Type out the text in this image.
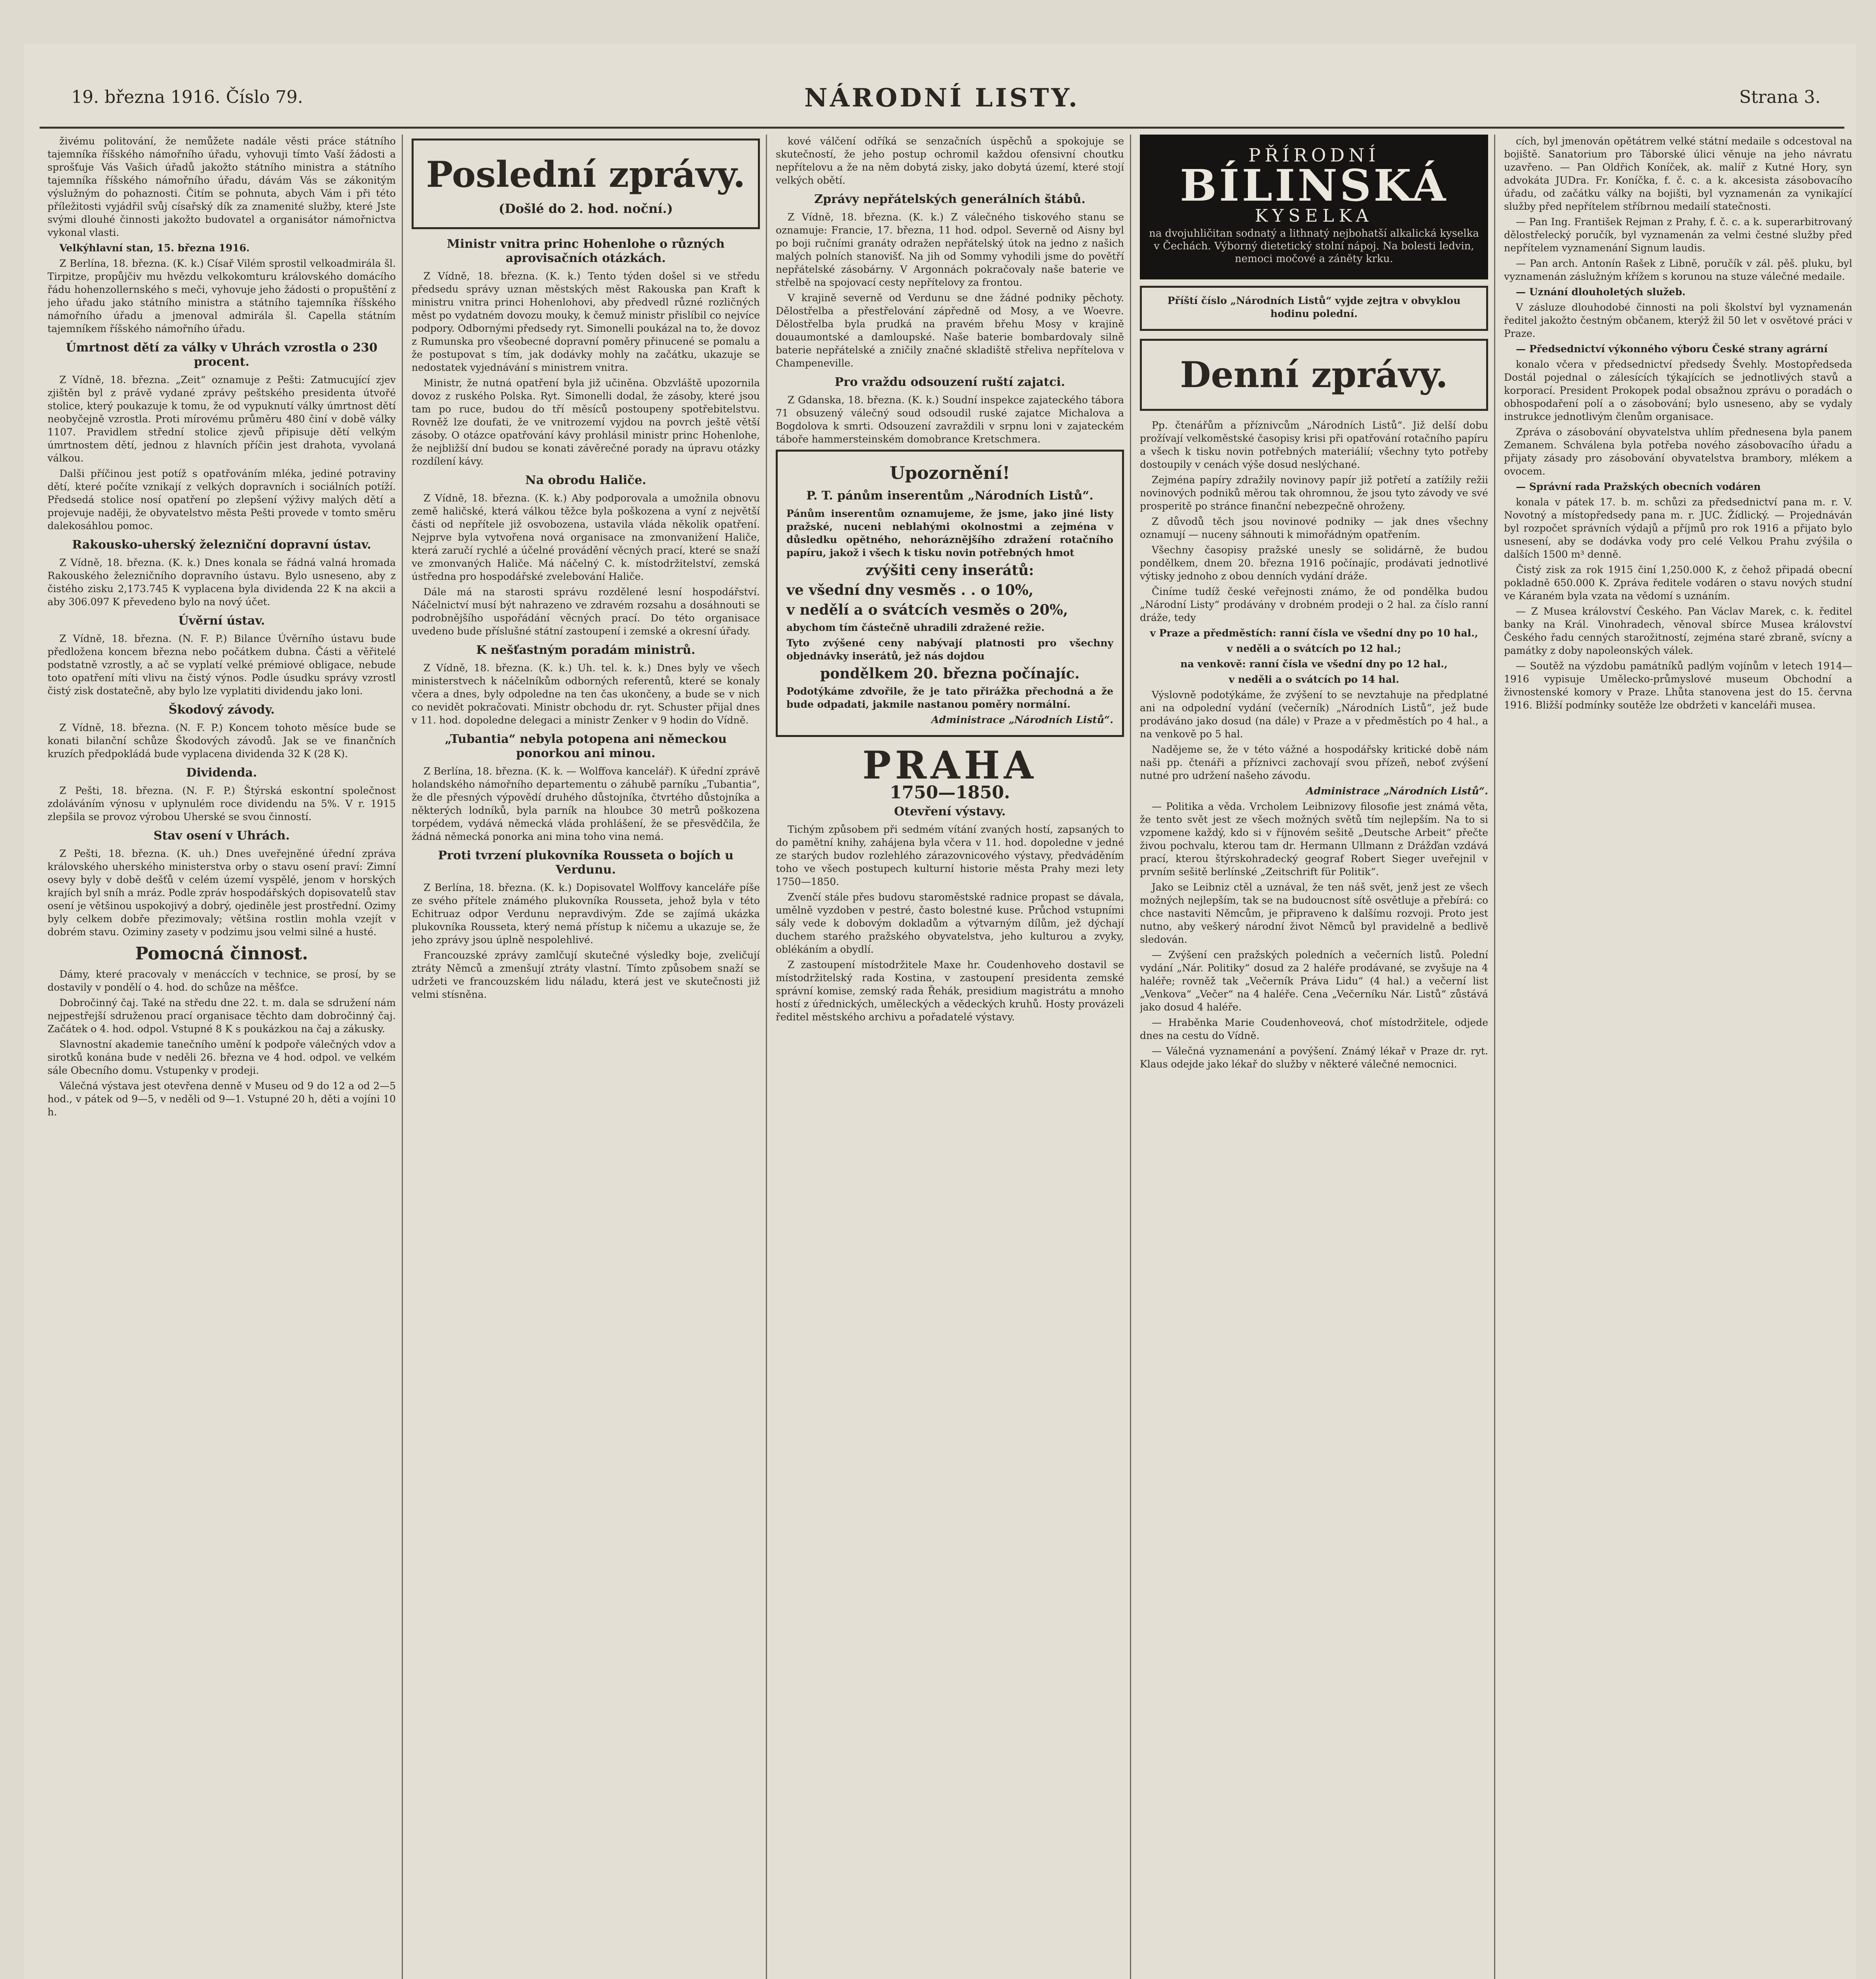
19. března 1916. Číslo 79.	NÁRODNÍ LISTY.	Strana 3.

živému politování, že nemůžete nadále věsti práce státního tajemníka říšského námořního úřadu, vyhovuji tímto Vaší žádosti a sprošťuje Vás Vašich úřadů jakožto státního ministra a státního tajemníka říšského námořního úřadu, dávám Vás se zákonitým výslužným do pohaznosti. Čitím se pohnuta, abych Vám i při této příležitosti vyjádřil svůj císařský dík za znamenité služby, které Jste svými dlouhé činnosti jakožto budovatel a organisátor námořnictva vykonal vlasti.

Velkýhlavní stan, 15. března 1916.

Z Berlína, 18. března. (K. k.) Císař Vilém sprostil velkoadmirála šl. Tirpitze, propůjčiv mu hvězdu velkokomturu královského domácího řádu hohenzollernského s meči, vyhovuje jeho žádosti o propuštění z jeho úřadu jako státního ministra a státního tajemníka říšského námořního úřadu a jmenoval admirála šl. Capella státním tajemníkem říšského námořního úřadu.

Úmrtnost dětí za války v Uhrách vzrostla o 230 procent.

Z Vídně, 18. března. „Zeit“ oznamuje z Pešti: Zatmucující zjev zjištěn byl z právě vydané zprávy peštského presidenta útvořé stolice, který poukazuje k tomu, že od vypuknutí války úmrtnost dětí neobyčejně vzrostla. Proti mírovému průměru 480 činí v době války 1107. Pravidlem střední stolice zjevů připisuje dětí velkým úmrtnostem dětí, jednou z hlavních příčin jest drahota, vyvolaná válkou.

Dalši příčinou jest potíž s opatřováním mléka, jediné potraviny dětí, které počíte vznikají z velkých dopravních i sociálních potíží. Předsedá stolice nosí opatření po zlepšení výživy malých dětí a projevuje naději, že obyvatelstvo města Pešti provede v tomto směru dalekosáhlou pomoc.

Rakousko-uherský železniční dopravní ústav.

Z Vídně, 18. března. (K. k.) Dnes konala se řádná valná hromada Rakouského železničního dopravního ústavu. Bylo usneseno, aby z čistého zisku 2,173.745 K vyplacena byla dividenda 22 K na akcii a aby 306.097 K převedeno bylo na nový účet.

Úvěrní ústav.

Z Vídně, 18. března. (N. F. P.) Bilance Úvěrního ústavu bude předložena koncem března nebo počátkem dubna. Části a věřitelé podstatně vzrostly, a ač se vyplatí velké prémiové obligace, nebude toto opatření míti vlivu na čistý výnos. Podle úsudku správy vzrostl čistý zisk dostatečně, aby bylo lze vyplatiti dividendu jako loni.

Škodový závody.

Z Vídně, 18. března. (N. F. P.) Koncem tohoto měsíce bude se konati bilanční schůze Škodových závodů. Jak se ve finančních kruzích předpokládá bude vyplacena dividenda 32 K (28 K).

Dividenda.

Z Pešti, 18. března. (N. F. P.) Štýrská eskontní společnost zdoláváním výnosu v uplynulém roce dividendu na 5%. V r. 1915 zlepšila se provoz výrobou Uherské se svou činností.

Stav osení v Uhrách.

Z Pešti, 18. března. (K. uh.) Dnes uveřejněné úřední zpráva královského uherského ministerstva orby o stavu osení praví: Zimní osevy byly v době dešťů v celém území vyspělé, jenom v horských krajích byl sníh a mráz. Podle zpráv hospodářských dopisovatelů stav osení je většinou uspokojivý a dobrý, ojediněle jest prostřední. Ozimy byly celkem dobře přezimovaly; většina rostlin mohla vzejít v dobrém stavu. Oziminy zasety v podzimu jsou velmi silné a husté.

Pomocná činnost.

Dámy, které pracovaly v menáccích v technice, se prosí, by se dostavily v pondělí o 4. hod. do schůze na měšťce.

Dobročinný čaj. Také na středu dne 22. t. m. dala se sdružení nám nejpestřejší sdruženou prací organisace těchto dam dobročinný čaj. Začátek o 4. hod. odpol. Vstupné 8 K s poukázkou na čaj a zákusky.

Slavnostní akademie tanečního umění k podpoře válečných vdov a sirotků konána bude v neděli 26. března ve 4 hod. odpol. ve velkém sále Obecního domu. Vstupenky v prodeji.

Válečná výstava jest otevřena denně v Museu od 9 do 12 a od 2—5 hod., v pátek od 9—5, v neděli od 9—1. Vstupné 20 h, děti a vojíni 10 h.

Poslední zprávy.
(Došlé do 2. hod. noční.)
Ministr vnitra princ Hohenlohe o různých aprovisačních otázkách.

Z Vídně, 18. března. (K. k.) Tento týden došel si ve středu předsedu správy uznan městských měst Rakouska pan Kraft k ministru vnitra princi Hohenlohovi, aby předvedl různé rozličných měst po vydatném dovozu mouky, k čemuž ministr přislíbil co nejvíce podpory. Odbornými předsedy ryt. Simonelli poukázal na to, že dovoz z Rumunska pro všeobecné dopravní poměry přinucené se pomalu a že postupovat s tím, jak dodávky mohly na začátku, ukazuje se nedostatek vyjednávání s ministrem vnitra.

Ministr, že nutná opatření byla již učiněna. Obzvláště upozornila dovoz z ruského Polska. Ryt. Simonelli dodal, že zásoby, které jsou tam po ruce, budou do tří měsíců postoupeny spotřebitelstvu. Rovněž lze doufati, že ve vnitrozemí vyjdou na povrch ještě větší zásoby. O otázce opatřování kávy prohlásil ministr princ Hohenlohe, že nejbližší dní budou se konati závěrečné porady na úpravu otázky rozdílení kávy.

Na obrodu Haliče.

Z Vídně, 18. března. (K. k.) Aby podporovala a umožnila obnovu země haličské, která válkou těžce byla poškozena a vyní z největší části od nepřítele již osvobozena, ustavila vláda několik opatření. Nejprve byla vytvořena nová organisace na zmonvanižení Haliče, která zaručí rychlé a účelné provádění věcných prací, které se snaží ve zmonvaných Haliče. Má náčelný C. k. místodržitelství, zemská ústředna pro hospodářské zvelebování Haliče.

Dále má na starosti správu rozdělené lesní hospodářství. Náčelnictví musí být nahrazeno ve zdravém rozsahu a dosáhnouti se podrobnějšího uspořádání věcných prací. Do této organisace uvedeno bude příslušné státní zastoupení i zemské a okresní úřady.

K nešťastným poradám ministrů.

Z Vídně, 18. března. (K. k.) Uh. tel. k. k.) Dnes byly ve všech ministerstvech k náčelníkům odborných referentů, které se konaly včera a dnes, byly odpoledne na ten čas ukončeny, a bude se v nich co nevidět pokračovati. Ministr obchodu dr. ryt. Schuster přijal dnes v 11. hod. dopoledne delegaci a ministr Zenker v 9 hodin do Vídně.

„Tubantia“ nebyla potopena ani německou ponorkou ani minou.

Z Berlína, 18. března. (K. k. — Wolffova kancelář). K úřední zprávě holandského námořního departementu o záhubě parníku „Tubantia“, že dle přesných výpovědí druhého důstojníka, čtvrtého důstojníka a některých lodníků, byla parník na hloubce 30 metrů poškozena torpédem, vydává německá vláda prohlášení, že se přesvědčila, že žádná německá ponorka ani mina toho vina nemá.

Proti tvrzení plukovníka Rousseta o bojích u Verdunu.

Z Berlína, 18. března. (K. k.) Dopisovatel Wolffovy kanceláře píše ze svého přítele známého plukovníka Rousseta, jehož byla v této Echitruaz odpor Verdunu nepravdivým. Zde se zajímá ukázka plukovníka Rousseta, který nemá přístup k ničemu a ukazuje se, že jeho zprávy jsou úplně nespolehlivé.

Francouzské zprávy zamlčují skutečné výsledky boje, zveličují ztráty Němců a zmenšují ztráty vlastní. Tímto způsobem snaží se udržeti ve francouzském lidu náladu, která jest ve skutečnosti již velmi stísněna.

kové válčení odříká se senzačních úspěchů a spokojuje se skutečností, že jeho postup ochromil každou ofensivní choutku nepřítelovu a že na něm dobytá zisky, jako dobytá území, které stojí velkých obětí.

Zprávy nepřátelských generálních štábů.

Z Vídně, 18. března. (K. k.) Z válečného tiskového stanu se oznamuje: Francie, 17. března, 11 hod. odpol. Severně od Aisny byl po boji ručními granáty odražen nepřátelský útok na jedno z našich malých polních stanovišť. Na jih od Sommy vyhodili jsme do povětří nepřátelské zásobárny. V Argonnách pokračovaly naše baterie ve střelbě na spojovací cesty nepřítelovy za frontou.

V krajině severně od Verdunu se dne žádné podniky pěchoty. Dělostřelba a přestřelování zápředně od Mosy, a ve Woevre. Dělostřelba byla prudká na pravém břehu Mosy v krajině douaumontské a damloupské. Naše baterie bombardovaly silně baterie nepřátelské a zničily značné skladiště střeliva nepřítelova v Champeneville.

Pro vraždu odsouzení ruští zajatci.

Z Gdanska, 18. března. (K. k.) Soudní inspekce zajateckého tábora 71 obsuzený válečný soud odsoudil ruské zajatce Michalova a Bogdolova k smrti. Odsouzení zavraždili v srpnu loni v zajateckém táboře hammersteinském domobrance Kretschmera.

Upozornění!
P. T. pánům inserentům „Národních Listů“.

Pánům inserentům oznamujeme, že jsme, jako jiné listy pražské, nuceni neblahými okolnostmi a zejména v důsledku opětného, nehoráznějšího zdražení rotačního papíru, jakož i všech k tisku novin potřebných hmot

zvýšiti ceny inserátů:

ve všední dny vesměs . . o 10%,

v nedělí a o svátcích vesměs o 20%,

abychom tím částečně uhradili zdražené režie.

Tyto zvýšené ceny nabývají platnosti pro všechny objednávky inserátů, jež nás dojdou

pondělkem 20. března počínajíc.

Podotýkáme zdvořile, že je tato přirážka přechodná a že bude odpadati, jakmile nastanou poměry normální.

Administrace „Národních Listů“.

PRAHA
1750—1850.
Otevření výstavy.

Tichým způsobem při sedmém vítání zvaných hostí, zapsaných to do pamětní knihy, zahájena byla včera v 11. hod. dopoledne v jedné ze starých budov rozlehlého zárazovnicového výstavy, předváděním toho ve všech postupech kulturní historie města Prahy mezi lety 1750—1850.

Zvenčí stále přes budovu staroměstské radnice propast se dávala, umělně vyzdoben v pestré, často bolestné kuse. Průchod vstupními sály vede k dobovým dokladům a výtvarným dílům, jež dýchají duchem starého pražského obyvatelstva, jeho kulturou a zvyky, oblékáním a obydlí.

Z zastoupení místodržitele Maxe hr. Coudenhoveho dostavil se místodržitelský rada Kostina, v zastoupení presidenta zemské správní komise, zemský rada Řehák, presidium magistrátu a mnoho hostí z úřednických, uměleckých a vědeckých kruhů. Hosty provázeli ředitel městského archivu a pořadatelé výstavy.

PŘÍRODNÍ
BÍLINSKÁ
KYSELKA
na dvojuhličitan sodnatý a lithnatý nejbohatší alkalická kyselka v Čechách. Výborný dietetický stolní nápoj. Na bolesti ledvin, nemoci močové a záněty krku.

Příští číslo „Národních Listů“ vyjde zejtra v obvyklou hodinu polední.

Denní zprávy.

Pp. čtenářům a příznivcům „Národních Listů“. Již delší dobu prožívají velkoměstské časopisy krisi při opatřování rotačního papíru a všech k tisku novin potřebných materiálií; všechny tyto potřeby dostoupily v cenách výše dosud neslýchané.

Zejména papíry zdražily novinovy papír již potřetí a zatížily režii novinových podniků měrou tak ohromnou, že jsou tyto závody ve své prosperitě po stránce finanční nebezpečně ohroženy.

Z důvodů těch jsou novinové podniky — jak dnes všechny oznamují — nuceny sáhnouti k mimořádným opatřením.

Všechny časopisy pražské unesly se solidárně, že budou pondělkem, dnem 20. března 1916 počínajíc, prodávati jednotlivé výtisky jednoho z obou denních vydání dráže.

Činíme tudíž české veřejnosti známo, že od pondělka budou „Národní Listy“ prodávány v drobném prodeji o 2 hal. za číslo ranní dráže, tedy

v Praze a předměstích: ranní čísla ve všední dny po 10 hal.,

v neděli a o svátcích po 12 hal.;

na venkově: ranní čísla ve všední dny po 12 hal.,

v neděli a o svátcích po 14 hal.

Výslovně podotýkáme, že zvýšení to se nevztahuje na předplatné ani na odpolední vydání (večerník) „Národních Listů“, jež bude prodáváno jako dosud (na dále) v Praze a v předměstích po 4 hal., a na venkově po 5 hal.

Nadějeme se, že v této vážné a hospodářsky kritické době nám naši pp. čtenáři a příznivci zachovají svou přízeň, neboť zvýšení nutné pro udržení našeho závodu.

Administrace „Národních Listů“.

— Politika a věda. Vrcholem Leibnizovy filosofie jest známá věta, že tento svět jest ze všech možných světů tím nejlepším. Na to si vzpomene každý, kdo si v říjnovém sešitě „Deutsche Arbeit“ přečte živou pochvalu, kterou tam dr. Hermann Ullmann z Drážďan vzdává prací, kterou štýrskohradecký geograf Robert Sieger uveřejnil v prvním sešitě berlínské „Zeitschrift für Politik“.

Jako se Leibniz ctěl a uznával, že ten náš svět, jenž jest ze všech možných nejlepším, tak se na budoucnost sítě osvětluje a přebírá: co chce nastaviti Němcům, je připraveno k dalšímu rozvoji. Proto jest nutno, aby veškerý národní život Němců byl pravidelně a bedlivě sledován.

— Zvýšení cen pražských poledních a večerních listů. Polední vydání „Nár. Politiky“ dosud za 2 haléře prodávané, se zvyšuje na 4 haléře; rovněž tak „Večerník Práva Lidu“ (4 hal.) a večerní list „Venkova“ „Večer“ na 4 haléře. Cena „Večerníku Nár. Listů“ zůstává jako dosud 4 haléře.

— Hraběnka Marie Coudenhoveová, choť místodržitele, odjede dnes na cestu do Vídně.

— Válečná vyznamenání a povýšení. Známý lékař v Praze dr. ryt. Klaus odejde jako lékař do služby v některé válečné nemocnici.

cích, byl jmenován opětátrem velké státní medaile s odcestoval na bojiště. Sanatorium pro Táborské úlici věnuje na jeho návratu uzavřeno. — Pan Oldřich Koníček, ak. malíř z Kutné Hory, syn advokáta JUDra. Fr. Koníčka, f. č. c. a k. akcesista zásobovacího úřadu, od začátku války na bojišti, byl vyznamenán za vynikající služby před nepřítelem stříbrnou medailí statečnosti.

— Pan Ing. František Rejman z Prahy, f. č. c. a k. superarbitrovaný dělostřelecký poručík, byl vyznamenán za velmi čestné služby před nepřítelem vyznamenání Signum laudis.

— Pan arch. Antonín Rašek z Libně, poručík v zál. pěš. pluku, byl vyznamenán záslužným křížem s korunou na stuze válečné medaile.

— Uznání dlouholetých služeb.

V zásluze dlouhodobé činnosti na poli školství byl vyznamenán ředitel jakožto čestným občanem, kterýž žil 50 let v osvětové práci v Praze.

— Předsednictví výkonného výboru České strany agrární

konalo včera v předsednictví předsedy Švehly. Mostopředseda Dostál pojednal o zálesících týkajících se jednotlivých stavů a korporací. President Prokopek podal obsažnou zprávu o poradách o obhospodaření polí a o zásobování; bylo usneseno, aby se vydaly instrukce jednotlivým členům organisace.

Zpráva o zásobování obyvatelstva uhlím přednesena byla panem Zemanem. Schválena byla potřeba nového zásobovacího úřadu a přijaty zásady pro zásobování obyvatelstva brambory, mlékem a ovocem.

— Správní rada Pražských obecních vodáren

konala v pátek 17. b. m. schůzi za předsednictví pana m. r. V. Novotný a místopředsedy pana m. r. JUC. Žídlický. — Projednáván byl rozpočet správních výdajů a příjmů pro rok 1916 a přijato bylo usnesení, aby se dodávka vody pro celé Velkou Prahu zvýšila o dalších 1500 m³ denně.

Čistý zisk za rok 1915 činí 1,250.000 K, z čehož připadá obecní pokladně 650.000 K. Zpráva ředitele vodáren o stavu nových studní ve Káraném byla vzata na vědomí s uznáním.

— Z Musea království Českého. Pan Václav Marek, c. k. ředitel banky na Král. Vinohradech, věnoval sbírce Musea království Českého řadu cenných starožitností, zejména staré zbraně, svícny a památky z doby napoleonských válek.

— Soutěž na výzdobu památníků padlým vojínům v letech 1914—1916 vypisuje Umělecko-průmyslové museum Obchodní a živnostenské komory v Praze. Lhůta stanovena jest do 15. června 1916. Bližší podmínky soutěže lze obdržeti v kanceláři musea.
